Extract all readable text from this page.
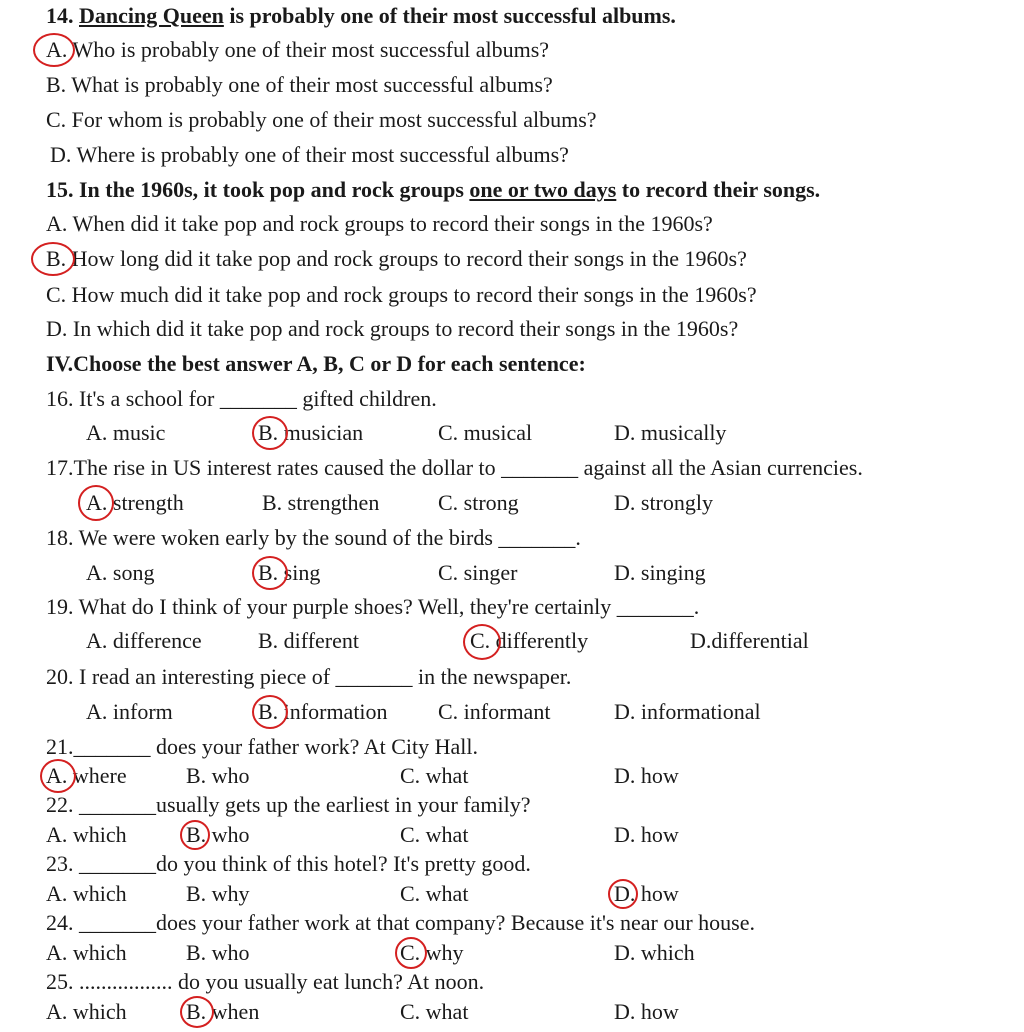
14. Dancing Queen is probably one of their most successful albums.
A. Who is probably one of their most successful albums?
B. What is probably one of their most successful albums?
C. For whom is probably one of their most successful albums?
D. Where is probably one of their most successful albums?
15. In the 1960s, it took pop and rock groups one or two days to record their songs.
A. When did it take pop and rock groups to record their songs in the 1960s?
B. How long did it take pop and rock groups to record their songs in the 1960s?
C. How much did it take pop and rock groups to record their songs in the 1960s?
D. In which did it take pop and rock groups to record their songs in the 1960s?
IV.Choose the best answer A, B, C or D for each sentence:
16. It's a school for _______ gifted children.
A. music	B. musician	C. musical	D. musically
17.The rise in US interest rates caused the dollar to _______ against all the Asian currencies.
A. strength	B. strengthen	C. strong	D. strongly
18. We were woken early by the sound of the birds _______.
A. song	B. sing	C. singer	D. singing
19. What do I think of your purple shoes? Well, they're certainly _______.
A. difference	B. different	C. differently	D.differential
20. I read an interesting piece of _______ in the newspaper.
A. inform	B. information C. informant	D. informational
21._______ does your father work? At City Hall.
A. where	B. who	C. what	D. how
22. _______usually gets up the earliest in your family?
A. which	B. who	C. what	D. how
23. _______do you think of this hotel? It's pretty good.
A. which	B. why	C. what	D. how
24. _______does your father work at that company? Because it's near our house.
A. which	B. who	C. why	D. which
25. ................. do you usually eat lunch? At noon.
A. which	B. when	C. what	D. how
